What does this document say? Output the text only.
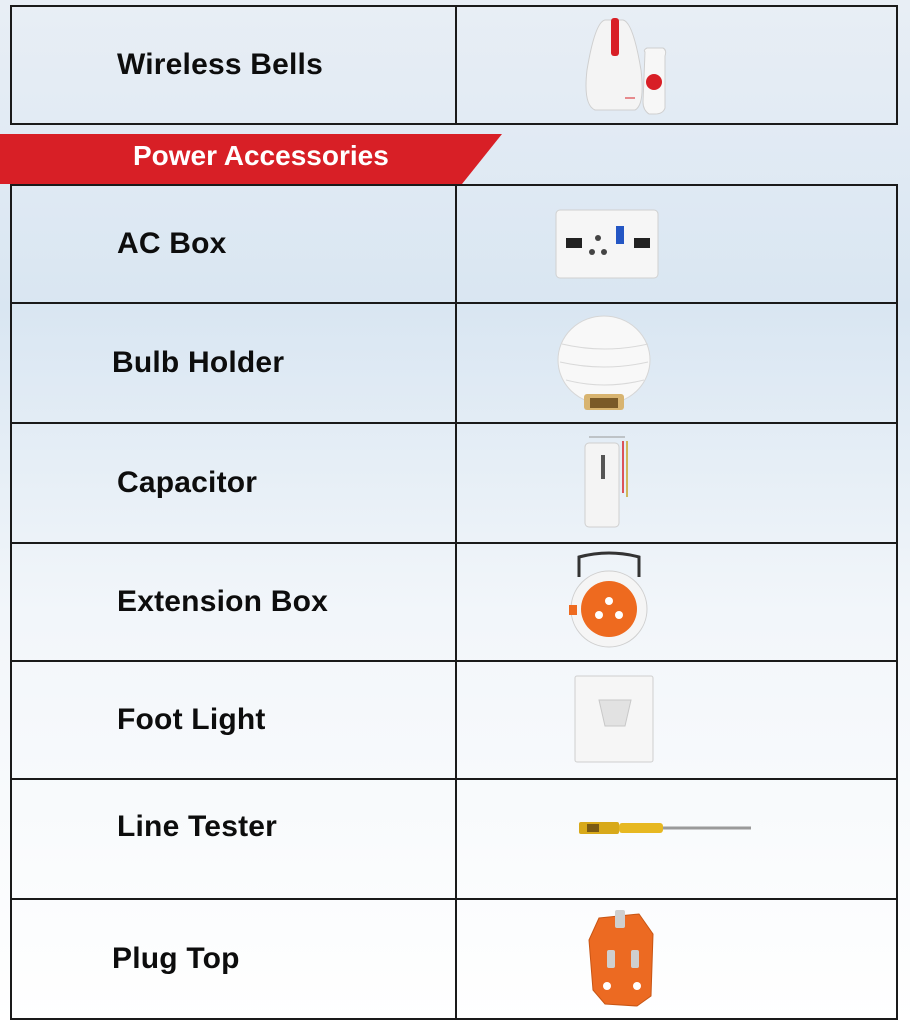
Wireless Bells
Power Accessories
AC Box
Bulb Holder
Capacitor
Extension Box
Foot Light
Line Tester
Plug Top
